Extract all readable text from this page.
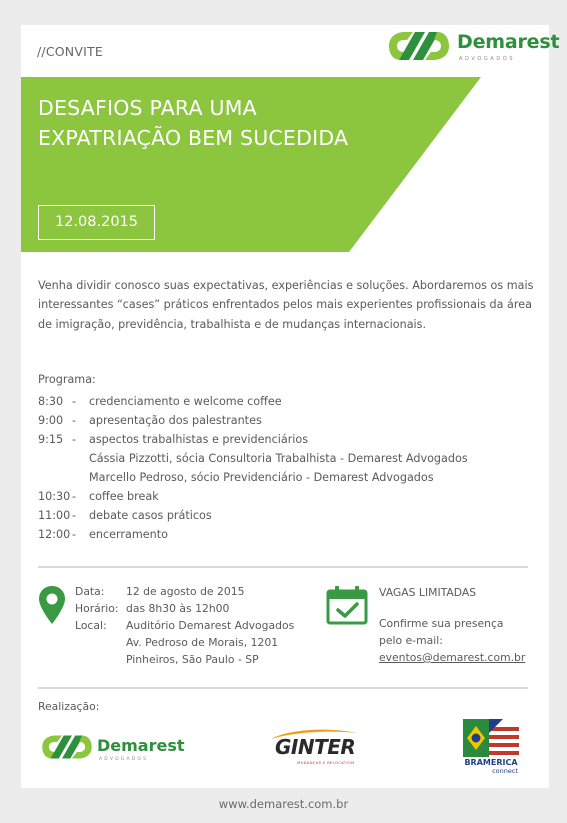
//CONVITE	Demarest
ADVOGADOS
DESAFIOS PARA UMA
EXPATRIAÇÃO BEM SUCEDIDA
12.08.2015

Venha dividir conosco suas expectativas, experiências e soluções. Abordaremos os mais interessantes “cases” práticos enfrentados pelos mais experientes profissionais da área de imigração, previdência, trabalhista e de mudanças internacionais.

Programa:
8:30 - credenciamento e welcome coffee
9:00 - apresentação dos palestrantes
9:15 - aspectos trabalhistas e previdenciários
Cássia Pizzotti, sócia Consultoria Trabalhista - Demarest Advogados
Marcello Pedroso, sócio Previdenciário - Demarest Advogados
10:30 - coffee break
11:00 - debate casos práticos
12:00 - encerramento
Data:
Horário:
Local:
12 de agosto de 2015
das 8h30 às 12h00
Auditório Demarest Advogados
Av. Pedroso de Morais, 1201
Pinheiros, São Paulo - SP
VAGAS LIMITADAS
Confirme sua presença
pelo e-mail:
eventos@demarest.com.br
Realização:
Demarest
ADVOGADOS
GINTER
MUDANÇAS E RELOCATION	BRAMERICA
connect
www.demarest.com.br
